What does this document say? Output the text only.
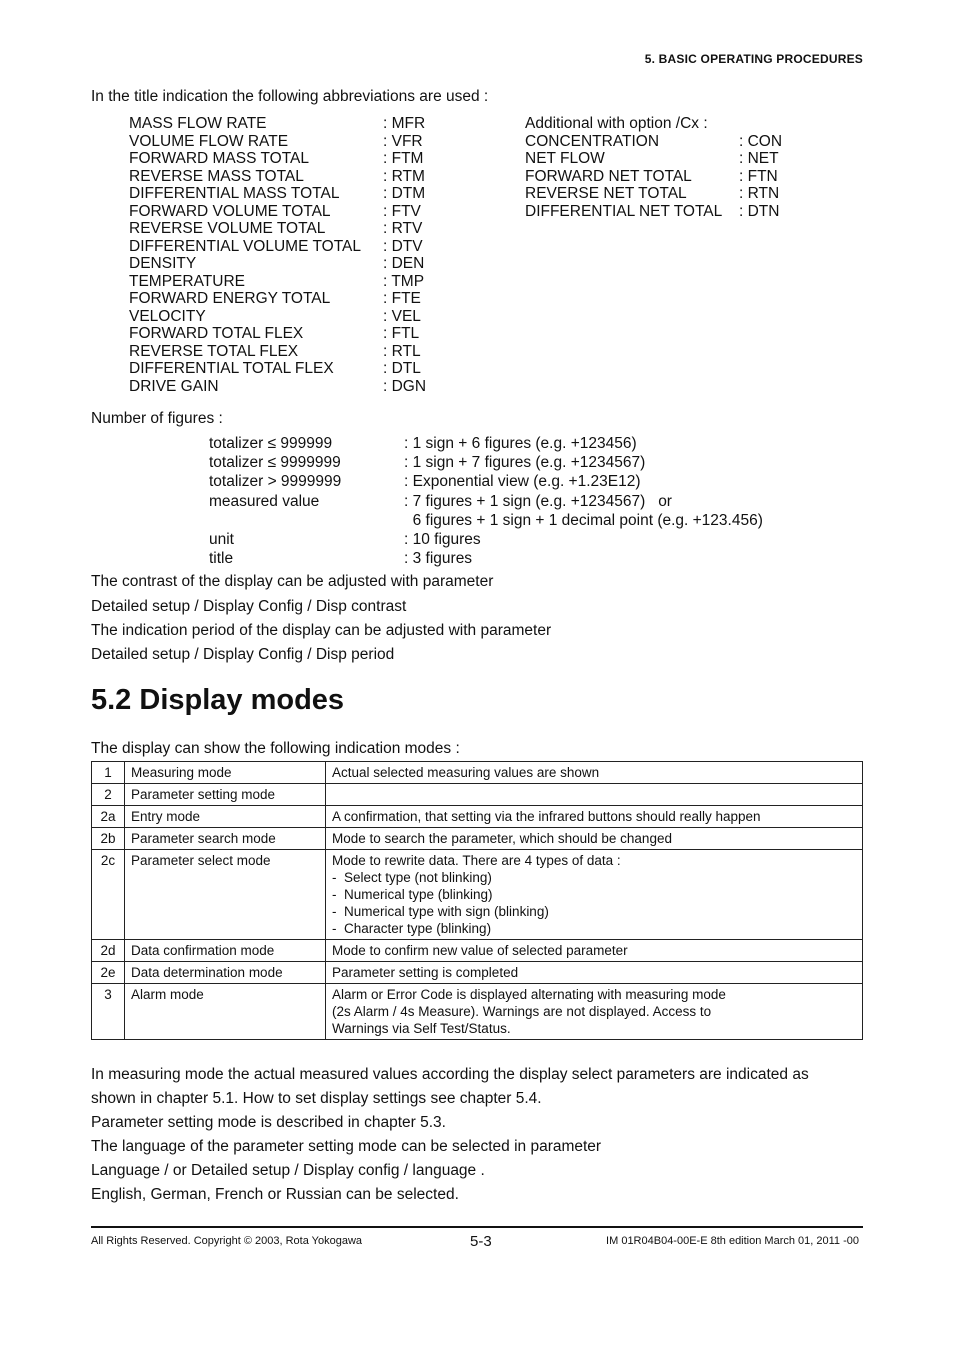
5. BASIC OPERATING PROCEDURES
In the title indication the following abbreviations are used :
MASS FLOW RATE	: MFR
VOLUME FLOW RATE	: VFR
FORWARD MASS TOTAL	: FTM
REVERSE MASS TOTAL	: RTM
DIFFERENTIAL MASS TOTAL	: DTM
FORWARD VOLUME TOTAL	: FTV
REVERSE VOLUME TOTAL	: RTV
DIFFERENTIAL VOLUME TOTAL : DTV
DENSITY	: DEN
TEMPERATURE	: TMP
FORWARD ENERGY TOTAL	: FTE
VELOCITY	: VEL
FORWARD TOTAL FLEX	: FTL
REVERSE TOTAL FLEX	: RTL
DIFFERENTIAL TOTAL FLEX	: DTL
DRIVE GAIN	: DGN
Additional with option /Cx :
CONCENTRATION	: CON
NET FLOW	: NET
FORWARD NET TOTAL	: FTN
REVERSE NET TOTAL	: RTN
DIFFERENTIAL NET TOTAL : DTN
Number of figures :
totalizer ≤ 999999	: 1 sign + 6 figures (e.g. +123456)
totalizer ≤ 9999999	: 1 sign + 7 figures (e.g. +1234567)
totalizer > 9999999	: Exponential view (e.g. +1.23E12)
measured value	: 7 figures + 1 sign (e.g. +1234567)   or
6 figures + 1 sign + 1 decimal point (e.g. +123.456)
unit	: 10 figures
title	: 3 figures
The contrast of the display can be adjusted with parameter
Detailed setup / Display Config / Disp contrast
The indication period of the display can be adjusted with parameter
Detailed setup / Display Config / Disp period
5.2 Display modes
The display can show the following indication modes :
1	Measuring mode	Actual selected measuring values are shown

2	Parameter setting mode	

2a	Entry mode	A confirmation, that setting via the infrared buttons should really happen

2b	Parameter search mode	Mode to search the parameter, which should be changed

2c	Parameter select mode	Mode to rewrite data. There are 4 types of data :
-  Select type (not blinking)
-  Numerical type (blinking)
-  Numerical type with sign (blinking)
-  Character type (blinking)

2d	Data confirmation mode	Mode to confirm new value of selected parameter

2e	Data determination mode	Parameter setting is completed

3	Alarm mode	Alarm or Error Code is displayed alternating with measuring mode
(2s Alarm / 4s Measure). Warnings are not displayed. Access to
Warnings via Self Test/Status.
In measuring mode the actual measured values according the display select parameters are indicated as
shown in chapter 5.1. How to set display settings see chapter 5.4.
Parameter setting mode is described in chapter 5.3.
The language of the parameter setting mode can be selected in parameter
Language / or Detailed setup / Display config / language .
English, German, French or Russian can be selected.
All Rights Reserved. Copyright © 2003, Rota Yokogawa	5-3	IM 01R04B04-00E-E 8th edition March 01, 2011 -00
